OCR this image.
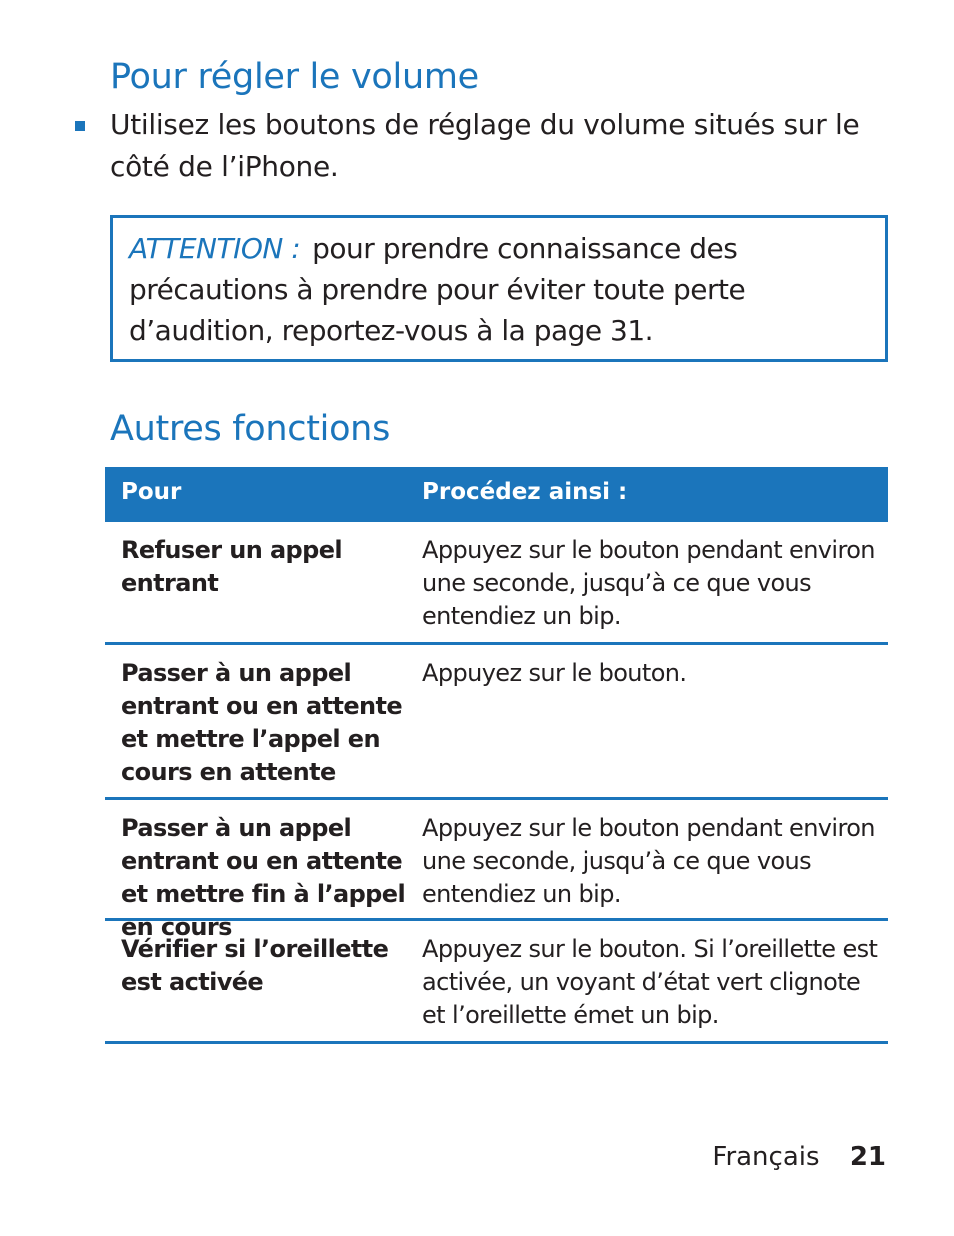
Pour régler le volume
Utilisez les boutons de réglage du volume situés sur le côté de l’iPhone.
ATTENTION : pour prendre connaissance des précautions à prendre pour éviter toute perte d’audition, reportez-vous à la page 31.
Autres fonctions
Pour	Procédez ainsi :
Refuser un appel entrant
Appuyez sur le bouton pendant environ une seconde, jusqu’à ce que vous entendiez un bip.
Passer à un appel entrant ou en attente et mettre l’appel en cours en attente
Appuyez sur le bouton.
Passer à un appel entrant ou en attente et mettre fin à l’appel en cours
Appuyez sur le bouton pendant environ une seconde, jusqu’à ce que vous entendiez un bip.
Vérifier si l’oreillette est activée
Appuyez sur le bouton. Si l’oreillette est activée, un voyant d’état vert clignote et l’oreillette émet un bip.
Français 21
